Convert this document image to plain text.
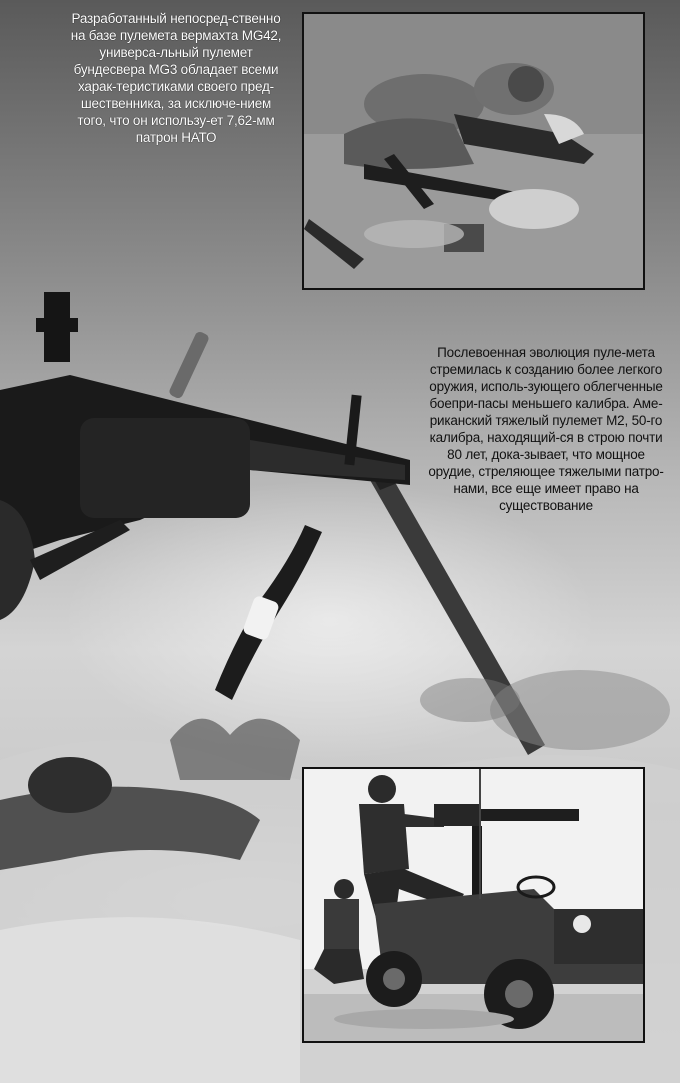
Разработанный непосред-ственно на базе пулемета вермахта MG42, универса-льный пулемет бундесвера MG3 обладает всеми харак-теристиками своего пред-шественника, за исключе-нием того, что он использу-ет 7,62-мм патрон НАТО
Послевоенная эволюция пуле-мета стремилась к созданию более легкого оружия, исполь-зующего облегченные боепри-пасы меньшего калибра. Аме-риканский тяжелый пулемет М2, 50-го калибра, находящий-ся в строю почти 80 лет, дока-зывает, что мощное орудие, стреляющее тяжелыми патро-нами, все еще имеет право на существование
